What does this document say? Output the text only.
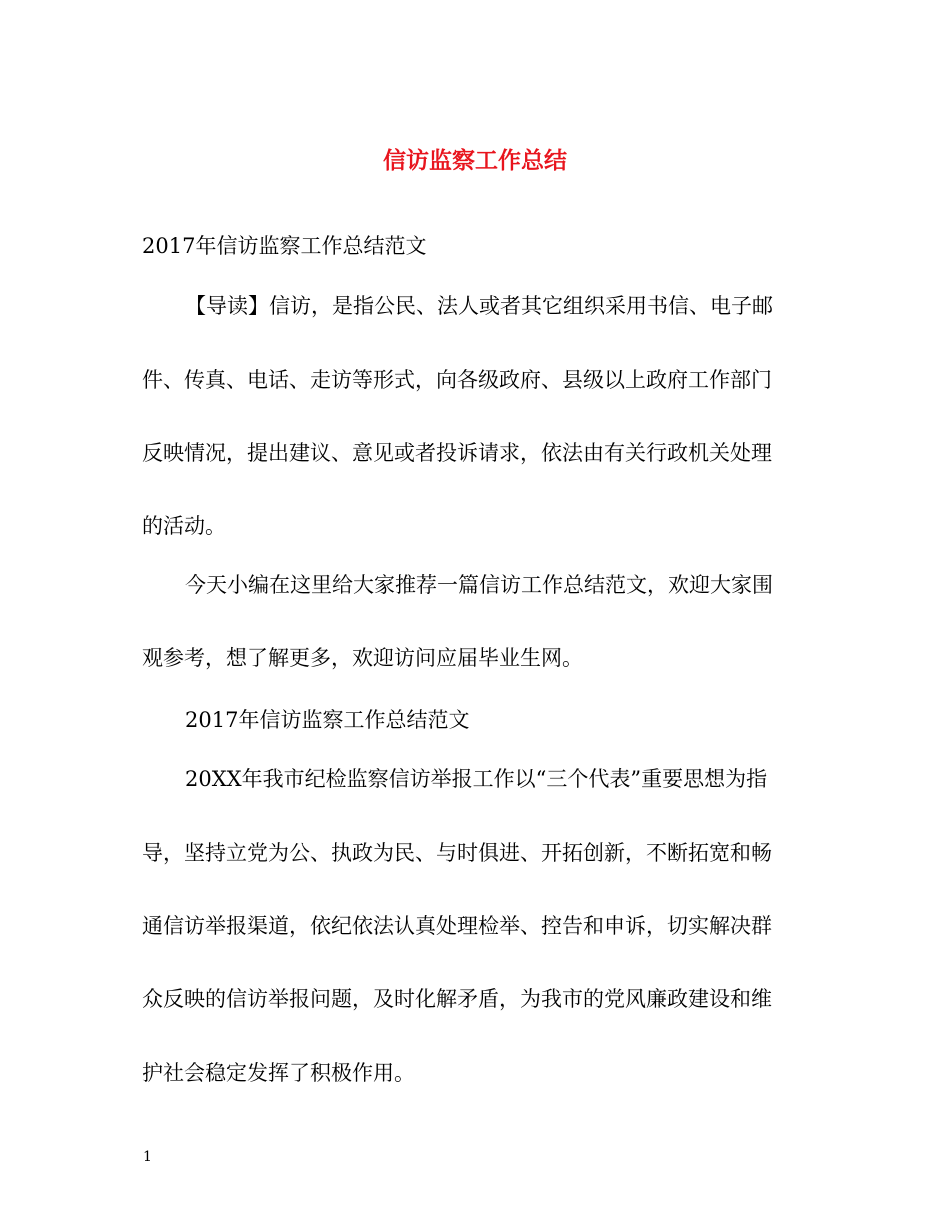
信访监察工作总结
2017年信访监察工作总结范文
【导读】信访，是指公民、法人或者其它组织采用书信、电子邮
件、传真、电话、走访等形式，向各级政府、县级以上政府工作部门
反映情况，提出建议、意见或者投诉请求，依法由有关行政机关处理
的活动。
今天小编在这里给大家推荐一篇信访工作总结范文，欢迎大家围
观参考，想了解更多，欢迎访问应届毕业生网。
2017年信访监察工作总结范文
20XX年我市纪检监察信访举报工作以“三个代表”重要思想为指
导，坚持立党为公、执政为民、与时俱进、开拓创新，不断拓宽和畅
通信访举报渠道，依纪依法认真处理检举、控告和申诉，切实解决群
众反映的信访举报问题，及时化解矛盾，为我市的党风廉政建设和维
护社会稳定发挥了积极作用。
1
